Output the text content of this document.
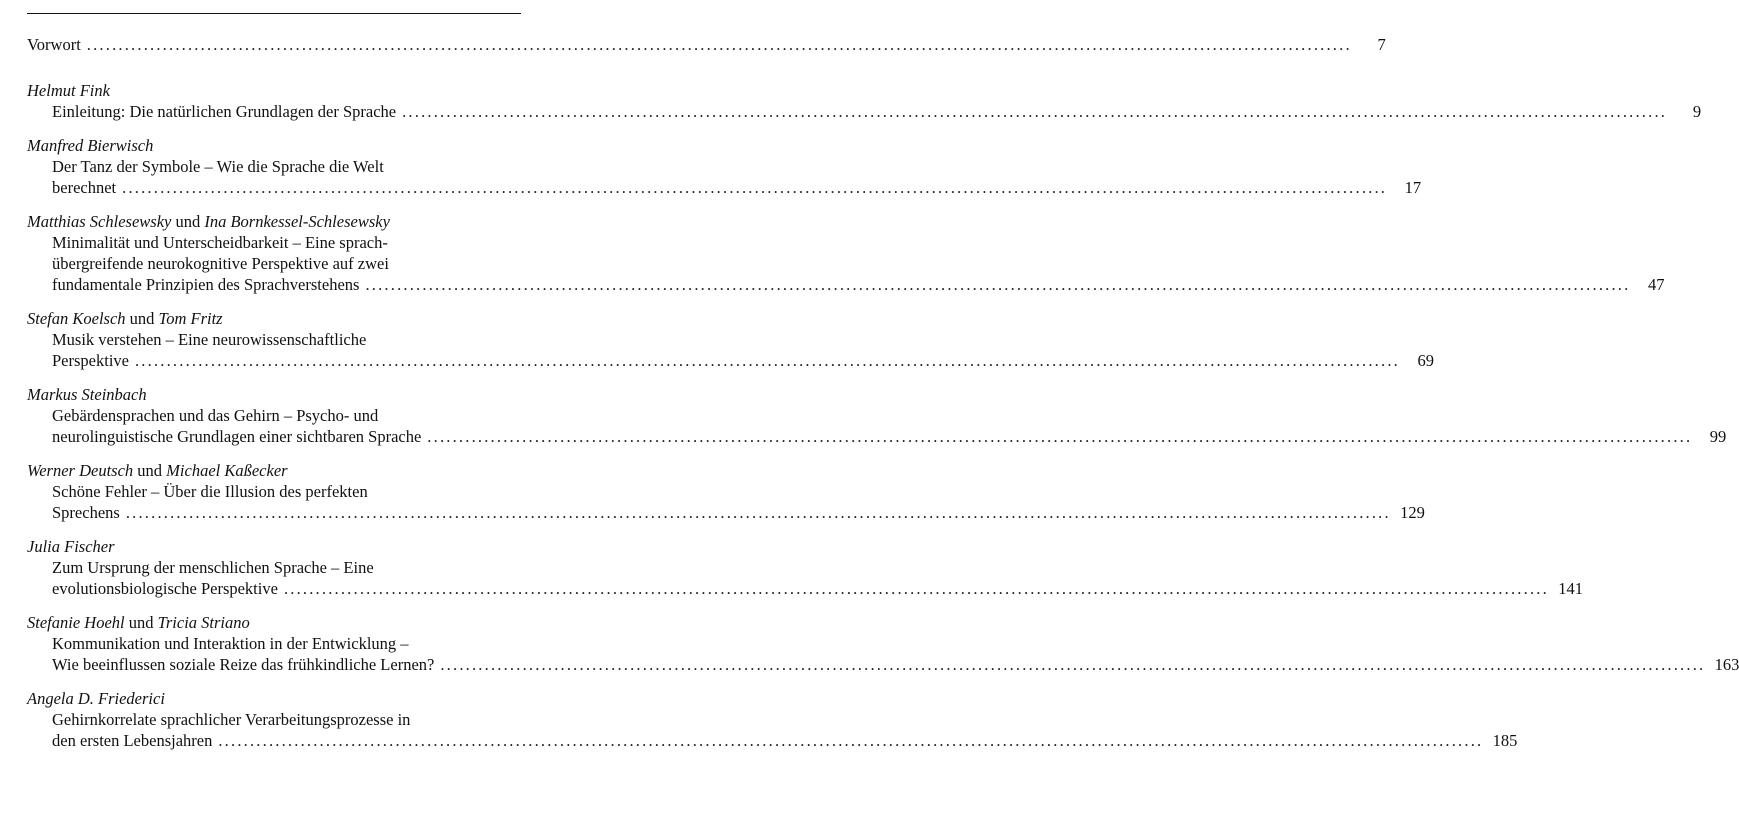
Vorwort ........................................................................................................................................................................................................	7
Helmut Fink
Einleitung: Die natürlichen Grundlagen der Sprache ........................................................................................................................................................................................................	9
Manfred Bierwisch
Der Tanz der Symbole – Wie die Sprache die Welt
berechnet ........................................................................................................................................................................................................	17
Matthias Schlesewsky und Ina Bornkessel-Schlesewsky
Minimalität und Unterscheidbarkeit – Eine sprach-
übergreifende neurokognitive Perspektive auf zwei
fundamentale Prinzipien des Sprachverstehens ........................................................................................................................................................................................................	47
Stefan Koelsch und Tom Fritz
Musik verstehen – Eine neurowissenschaftliche
Perspektive ........................................................................................................................................................................................................	69
Markus Steinbach
Gebärdensprachen und das Gehirn – Psycho- und
neurolinguistische Grundlagen einer sichtbaren Sprache ........................................................................................................................................................................................................	99
Werner Deutsch und Michael Kaßecker
Schöne Fehler – Über die Illusion des perfekten
Sprechens ........................................................................................................................................................................................................ 129
Julia Fischer
Zum Ursprung der menschlichen Sprache – Eine
evolutionsbiologische Perspektive ........................................................................................................................................................................................................ 141
Stefanie Hoehl und Tricia Striano
Kommunikation und Interaktion in der Entwicklung –
Wie beeinflussen soziale Reize das frühkindliche Lernen? ........................................................................................................................................................................................................ 163
Angela D. Friederici
Gehirnkorrelate sprachlicher Verarbeitungsprozesse in
den ersten Lebensjahren ........................................................................................................................................................................................................ 185
